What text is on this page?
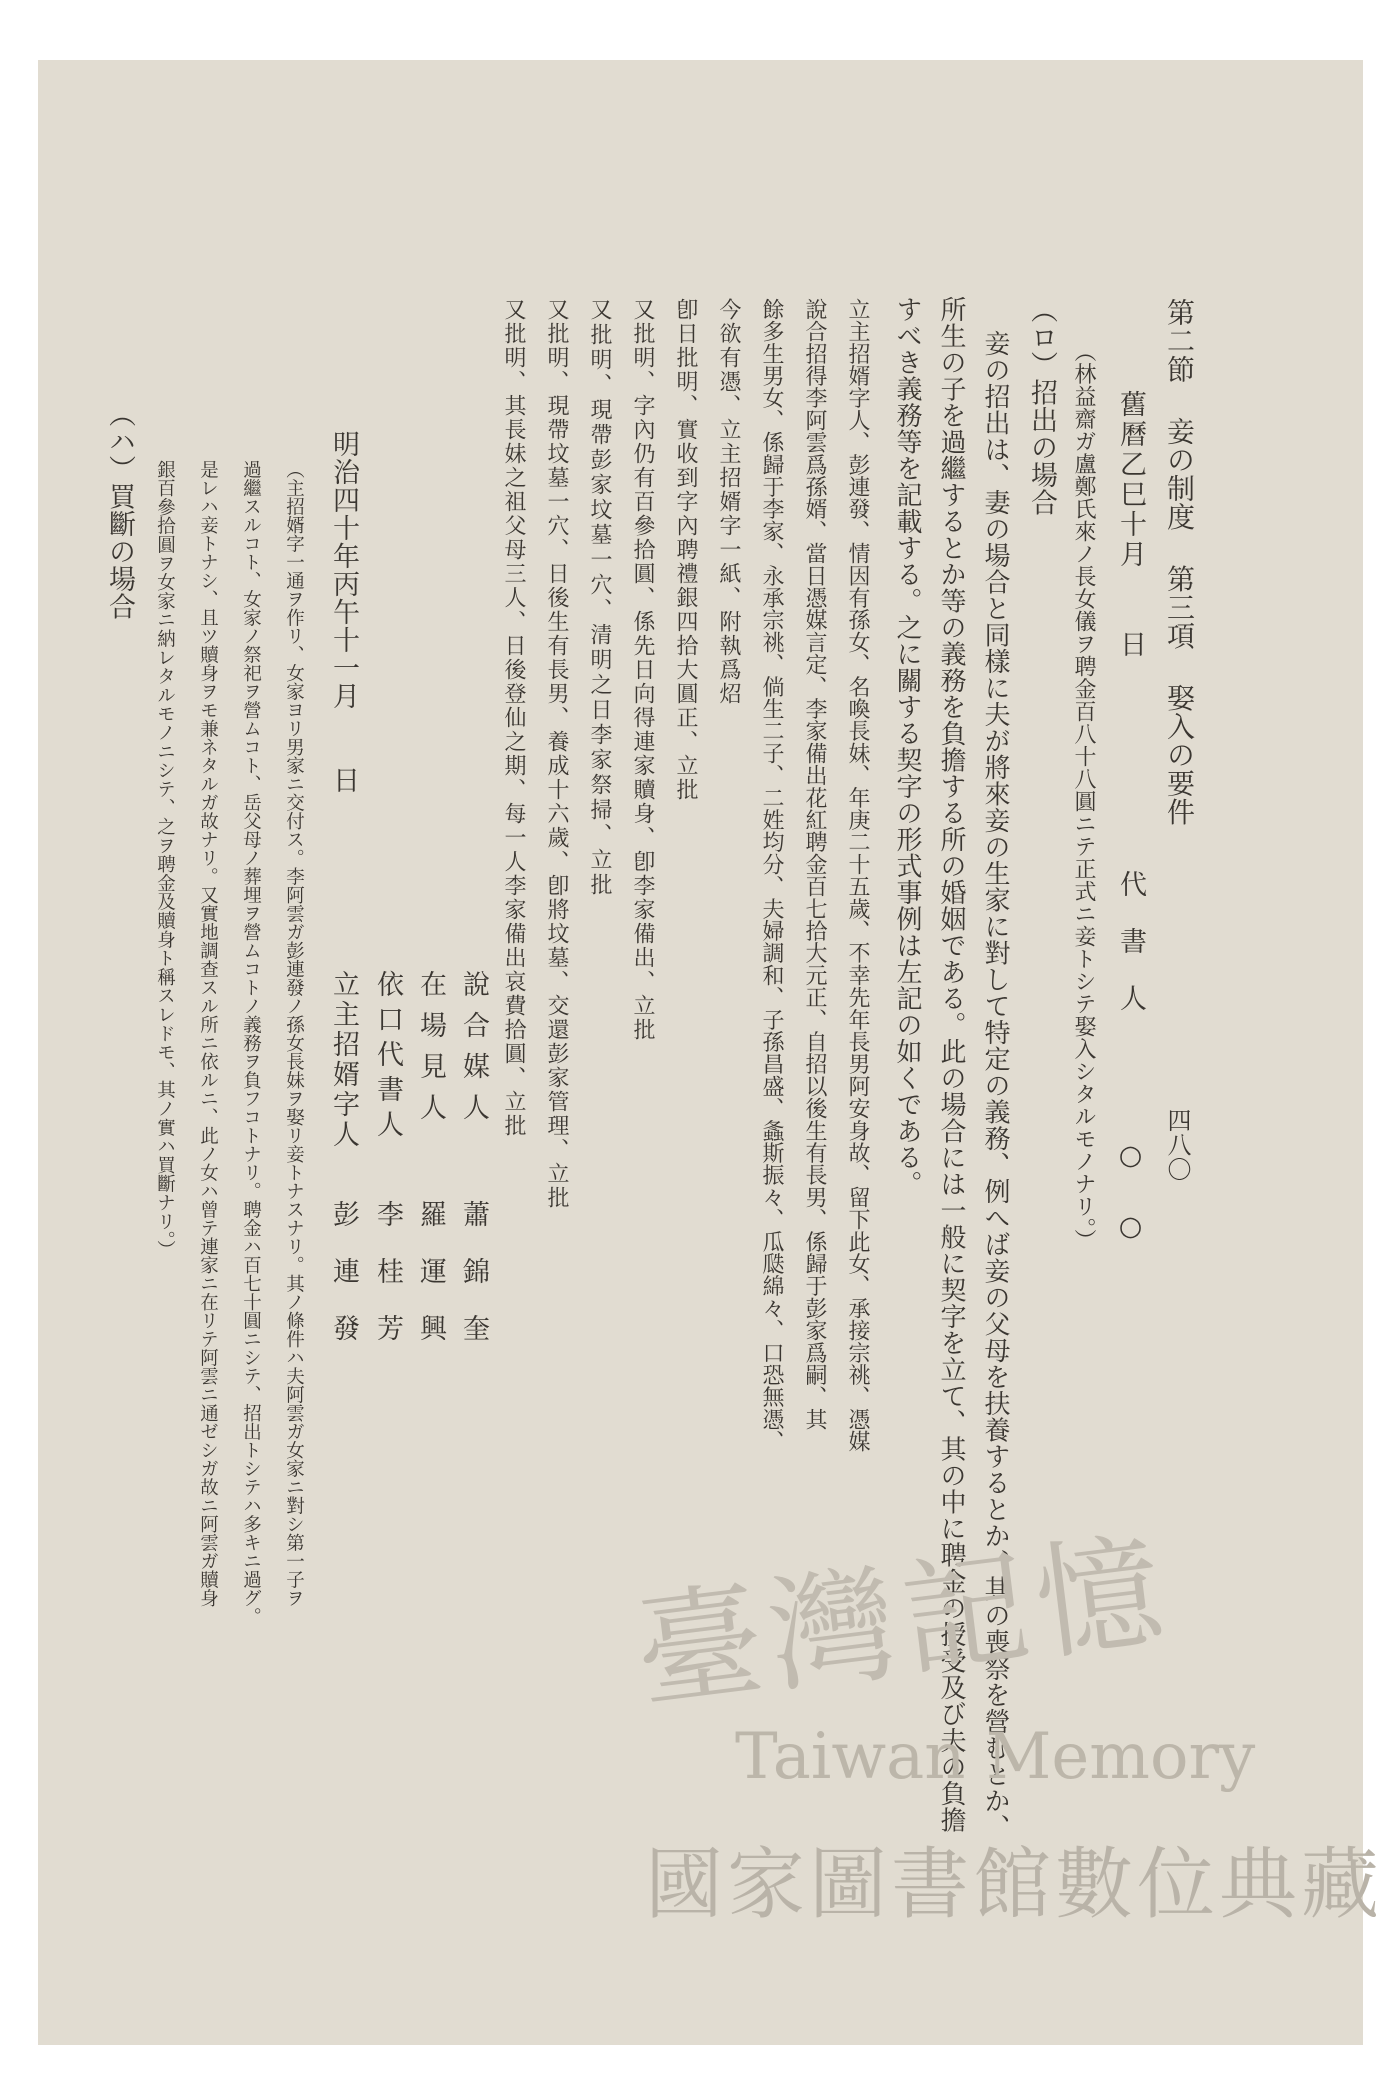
第二節 妾の制度 第三項 娶入の要件
四八〇
舊曆乙巳十月　　日
代書人
○○
（林益齋ガ盧鄭氏來ノ長女儀ヲ聘金百八十八圓ニテ正式ニ妾トシテ娶入シタルモノナリ。）
（ロ）招出の場合
妾の招出は、妻の場合と同樣に夫が將來妾の生家に對して特定の義務、例へば妾の父母を扶養するとか、其の喪祭を營むとか、
所生の子を過繼するとか等の義務を負擔する所の婚姻である。此の場合には一般に契字を立て、其の中に聘金の授受及び夫の負擔
すべき義務等を記載する。之に關する契字の形式事例は左記の如くである。
立主招婿字人、彭連發、情因有孫女、名喚長妹、年庚二十五歲、不幸先年長男阿安身故、留下此女、承接宗祧、憑媒
說合招得李阿雲爲孫婿、當日憑媒言定、李家備出花紅聘金百七拾大元正、自招以後生有長男、係歸于彭家爲嗣、其
餘多生男女、係歸于李家、永承宗祧、倘生二子、二姓均分、夫婦調和、子孫昌盛、螽斯振々、瓜瓞綿々、口恐無憑、
今欲有憑、立主招婿字一紙、附執爲炤
卽日批明、實收到字內聘禮銀四拾大圓正、立批
又批明、字內仍有百參拾圓、係先日向得連家贖身、卽李家備出、立批
又批明、現帶彭家坟墓一穴、清明之日李家祭掃、立批
又批明、現帶坟墓一穴、日後生有長男、養成十六歲、卽將坟墓、交還彭家管理、立批
又批明、其長妹之祖父母三人、日後登仙之期、每一人李家備出哀費拾圓、立批
說合媒人
蕭錦奎
在場見人
羅運興
依口代書人
李桂芳
明治四十年丙午十一月　　日
立主招婿字人
彭連發
（主招婿字一通ヲ作リ、女家ヨリ男家ニ交付ス。李阿雲ガ彭連發ノ孫女長妹ヲ娶リ妾トナスナリ。其ノ條件ハ夫阿雲ガ女家ニ對シ第一子ヲ
過繼スルコト、女家ノ祭祀ヲ營ムコト、岳父母ノ葬埋ヲ營ムコトノ義務ヲ負フコトナリ。聘金ハ百七十圓ニシテ、招出トシテハ多キニ過グ。
是レハ妾トナシ、且ツ贖身ヲモ兼ネタルガ故ナリ。又實地調查スル所ニ依ルニ、此ノ女ハ曾テ連家ニ在リテ阿雲ニ通ゼシガ故ニ阿雲ガ贖身
銀百參拾圓ヲ女家ニ納レタルモノニシテ、之ヲ聘金及贖身ト稱スレドモ、其ノ實ハ買斷ナリ。）
（ハ）買斷の場合
臺灣記憶
Taiwan Memory
國家圖書館數位典藏
